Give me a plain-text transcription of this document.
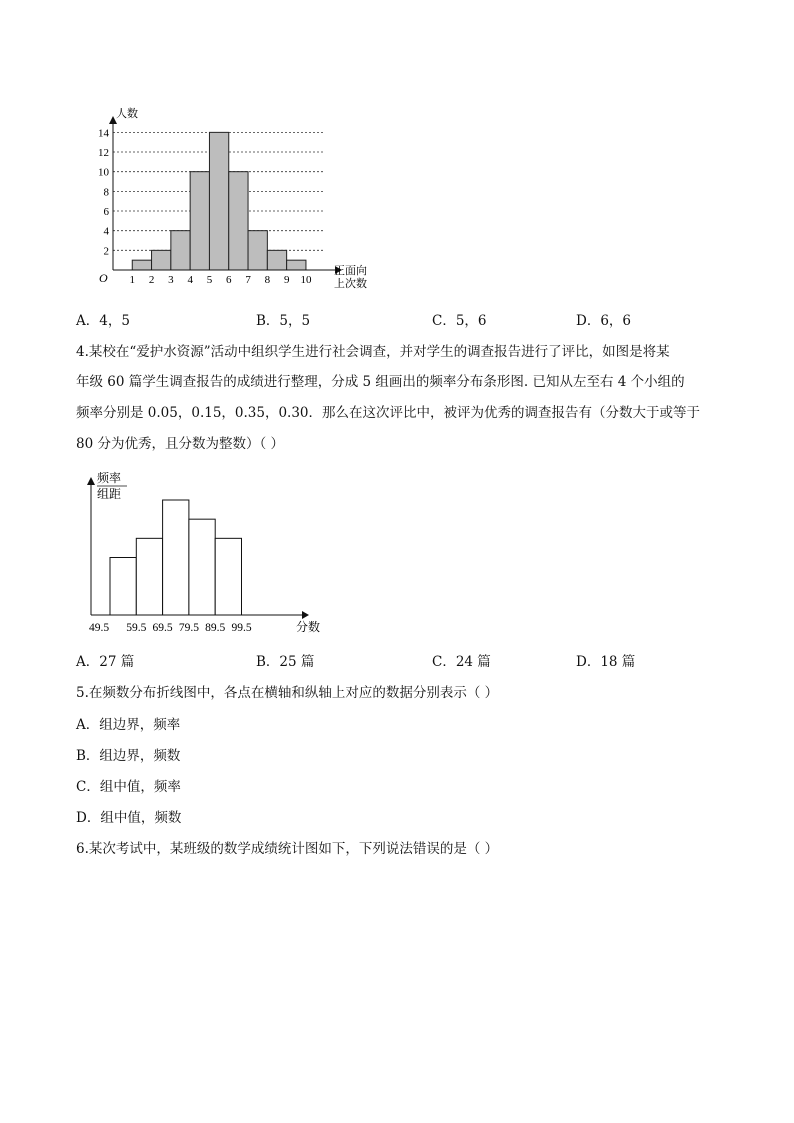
2
4
6
8
10
12
14
1 2 3 4 5 6 7 8 9 10
人数
正面向
上次数
O
A．4，5	B．5，5	C．5，6	D．6，6
4.某校在“爱护水资源”活动中组织学生进行社会调查，并对学生的调查报告进行了评比，如图是将某
年级 60 篇学生调查报告的成绩进行整理，分成 5 组画出的频率分布条形图. 已知从左至右 4 个小组的
频率分别是 0.05，0.15，0.35，0.30．那么在这次评比中，被评为优秀的调查报告有（分数大于或等于
80 分为优秀，且分数为整数）（ ）
49.5 59.5 69.5 79.5 89.5 99.5
频率
组距
分数
A．27 篇	B．25 篇	C．24 篇	D．18 篇
5.在频数分布折线图中，各点在横轴和纵轴上对应的数据分别表示（ ）
A．组边界，频率
B．组边界，频数
C．组中值，频率
D．组中值，频数
6.某次考试中，某班级的数学成绩统计图如下，下列说法错误的是（ ）
